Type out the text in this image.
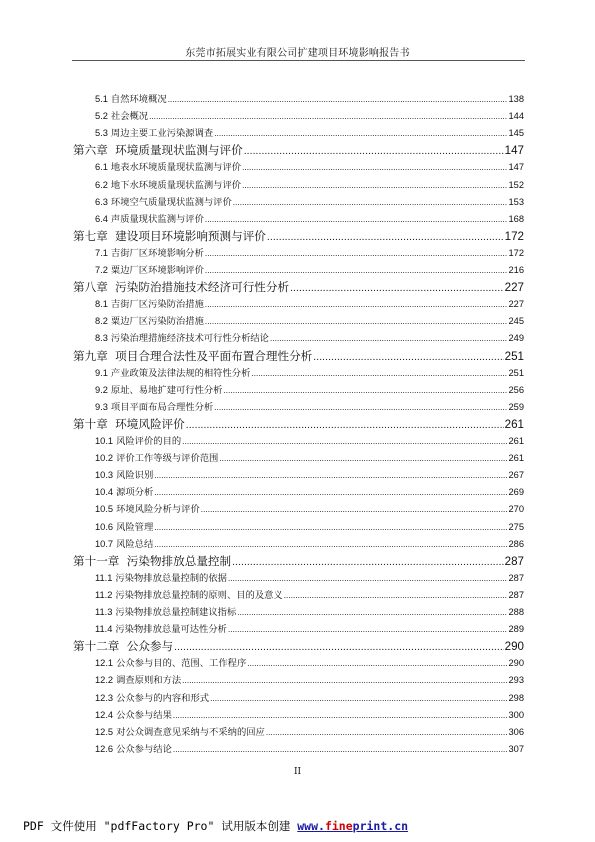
东莞市拓展实业有限公司扩建项目环境影响报告书
5.1
自然环境概况 .....	138
5.2
社会概况 .....	144
5.3
周边主要工业污染源调查 .....	145
第六章
环境质量现状监测与评价 .....	147
6.1
地表水环境质量现状监测与评价 .....	147
6.2
地下水环境质量现状监测与评价 .....	152
6.3
环境空气质量现状监测与评价 .....	153
6.4
声质量现状监测与评价 .....	168
第七章
建设项目环境影响预测与评价 .....	172
7.1
吉街厂区环境影响分析 .....	172
7.2
粟边厂区环境影响评价 .....	216
第八章
污染防治措施技术经济可行性分析 .....	227
8.1
吉街厂区污染防治措施 .....	227
8.2
粟边厂区污染防治措施 .....	245
8.3
污染治理措施经济技术可行性分析结论 .....	249
第九章
项目合理合法性及平面布置合理性分析 .....	251
9.1
产业政策及法律法规的相符性分析 .....	251
9.2
原址、易地扩建可行性分析 .....	256
9.3
项目平面布局合理性分析 .....	259
第十章
环境风险评价 .....	261
10.1
风险评价的目的 .....	261
10.2
评价工作等级与评价范围 .....	261
10.3
风险识别 .....	267
10.4
源项分析 .....	269
10.5
环境风险分析与评价 .....	270
10.6
风险管理 .....	275
10.7
风险总结 .....	286
第十一章
污染物排放总量控制 .....	287
11.1
污染物排放总量控制的依据 .....	287
11.2
污染物排放总量控制的原则、目的及意义 .....	287
11.3
污染物排放总量控制建议指标 .....	288
11.4
污染物排放总量可达性分析 .....	289
第十二章
公众参与 .....	290
12.1
公众参与目的、范围、工作程序 .....	290
12.2
调查原则和方法 .....	293
12.3
公众参与的内容和形式 .....	298
12.4
公众参与结果 .....	300
12.5
对公众调查意见采纳与不采纳的回应 .....	306
12.6
公众参与结论 .....	307
II
PDF 文件使用 "pdfFactory Pro" 试用版本创建 www.fineprint.cn
